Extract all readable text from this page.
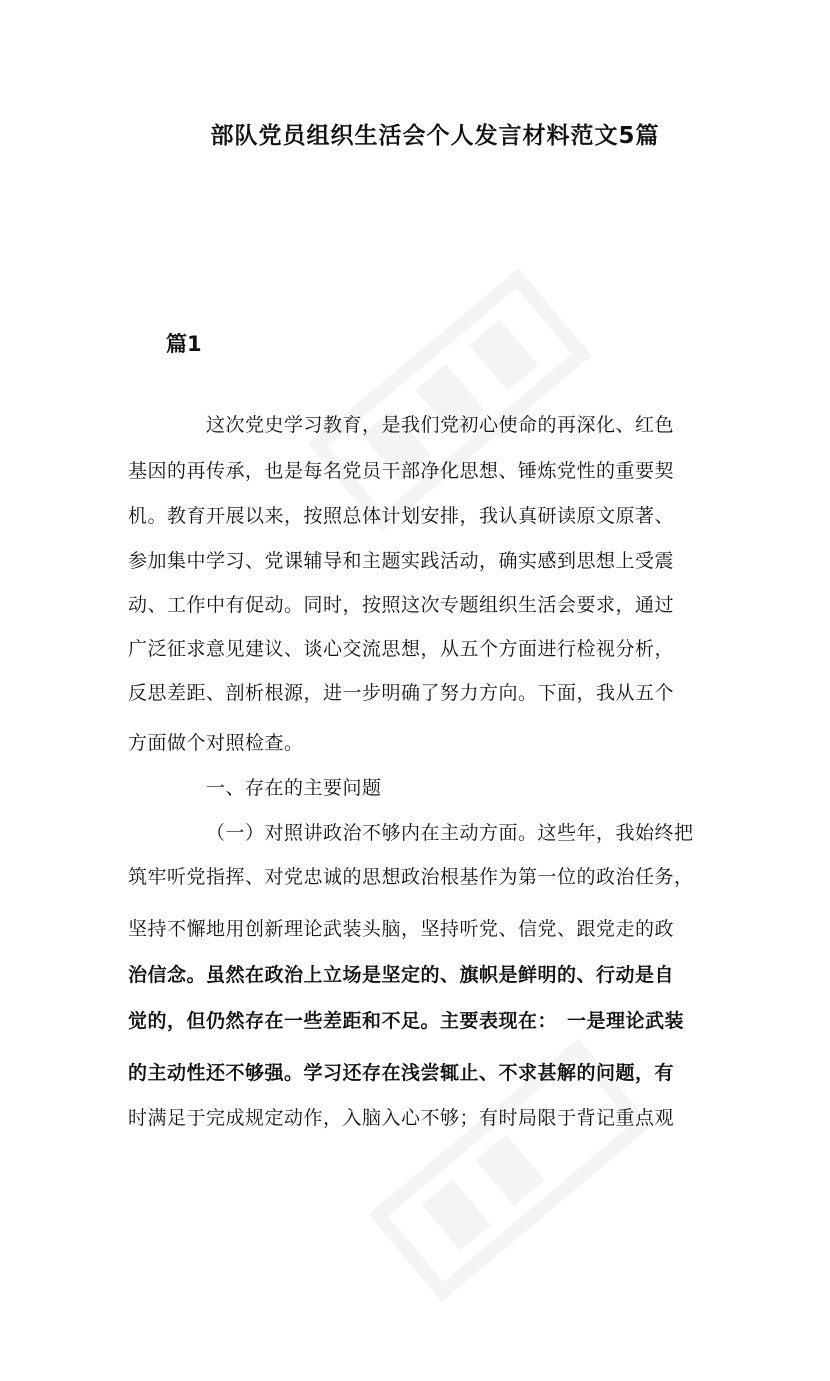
部队党员组织生活会个人发言材料范文5篇
篇1
这次党史学习教育，是我们党初心使命的再深化、红色
基因的再传承，也是每名党员干部净化思想、锤炼党性的重要契
机。教育开展以来，按照总体计划安排，我认真研读原文原著、
参加集中学习、党课辅导和主题实践活动，确实感到思想上受震
动、工作中有促动。同时，按照这次专题组织生活会要求，通过
广泛征求意见建议、谈心交流思想，从五个方面进行检视分析，
反思差距、剖析根源，进一步明确了努力方向。下面，我从五个
方面做个对照检查。
一、存在的主要问题
（一）对照讲政治不够内在主动方面。这些年，我始终把
筑牢听党指挥、对党忠诚的思想政治根基作为第一位的政治任务，
坚持不懈地用创新理论武装头脑，坚持听党、信党、跟党走的政
治信念。虽然在政治上立场是坚定的、旗帜是鲜明的、行动是自
觉的，但仍然存在一些差距和不足。主要表现在：　一是理论武装
的主动性还不够强。学习还存在浅尝辄止、不求甚解的问题，有
时满足于完成规定动作，入脑入心不够；有时局限于背记重点观
